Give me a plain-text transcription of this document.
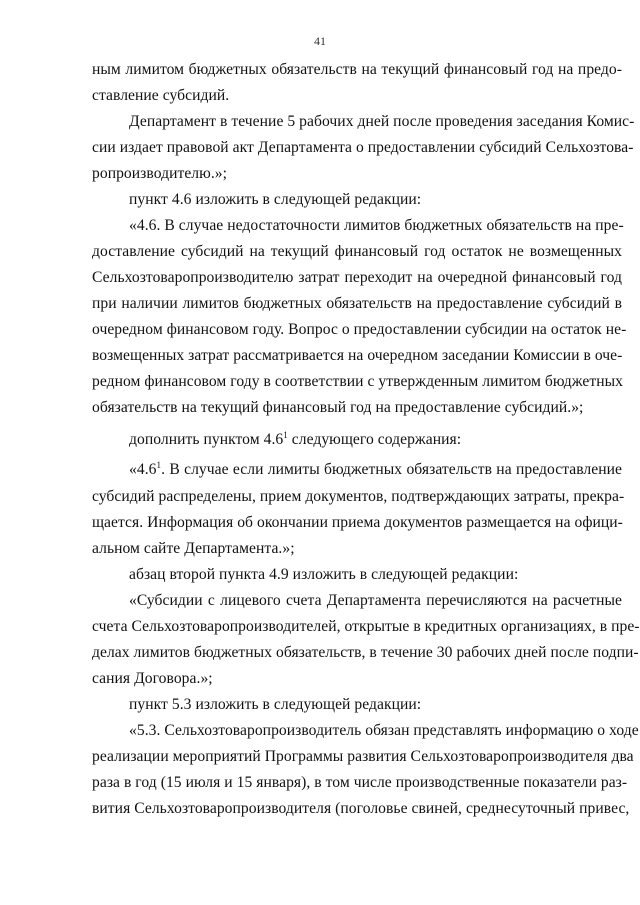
41
ным лимитом бюджетных обязательств на текущий финансовый год на предо-
ставление субсидий.
Департамент в течение 5 рабочих дней после проведения заседания Комис-
сии издает правовой акт Департамента о предоставлении субсидий Сельхозтова-
ропроизводителю.»;
пункт 4.6 изложить в следующей редакции:
«4.6. В случае недостаточности лимитов бюджетных обязательств на пре-
доставление субсидий на текущий финансовый год остаток не возмещенных
Сельхозтоваропроизводителю затрат переходит на очередной финансовый год
при наличии лимитов бюджетных обязательств на предоставление субсидий в
очередном финансовом году. Вопрос о предоставлении субсидии на остаток не-
возмещенных затрат рассматривается на очередном заседании Комиссии в оче-
редном финансовом году в соответствии с утвержденным лимитом бюджетных
обязательств на текущий финансовый год на предоставление субсидий.»;
дополнить пунктом $4.6^1$ следующего содержания:
«$4.6^1$. В случае если лимиты бюджетных обязательств на предоставление
субсидий распределены, прием документов, подтверждающих затраты, прекра-
щается. Информация об окончании приема документов размещается на офици-
альном сайте Департамента.»;
абзац второй пункта 4.9 изложить в следующей редакции:
«Субсидии с лицевого счета Департамента перечисляются на расчетные
счета Сельхозтоваропроизводителей, открытые в кредитных организациях, в пре-
делах лимитов бюджетных обязательств, в течение 30 рабочих дней после подпи-
сания Договора.»;
пункт 5.3 изложить в следующей редакции:
«5.3. Сельхозтоваропроизводитель обязан представлять информацию о ходе
реализации мероприятий Программы развития Сельхозтоваропроизводителя два
раза в год (15 июля и 15 января), в том числе производственные показатели раз-
вития Сельхозтоваропроизводителя (поголовье свиней, среднесуточный привес,
